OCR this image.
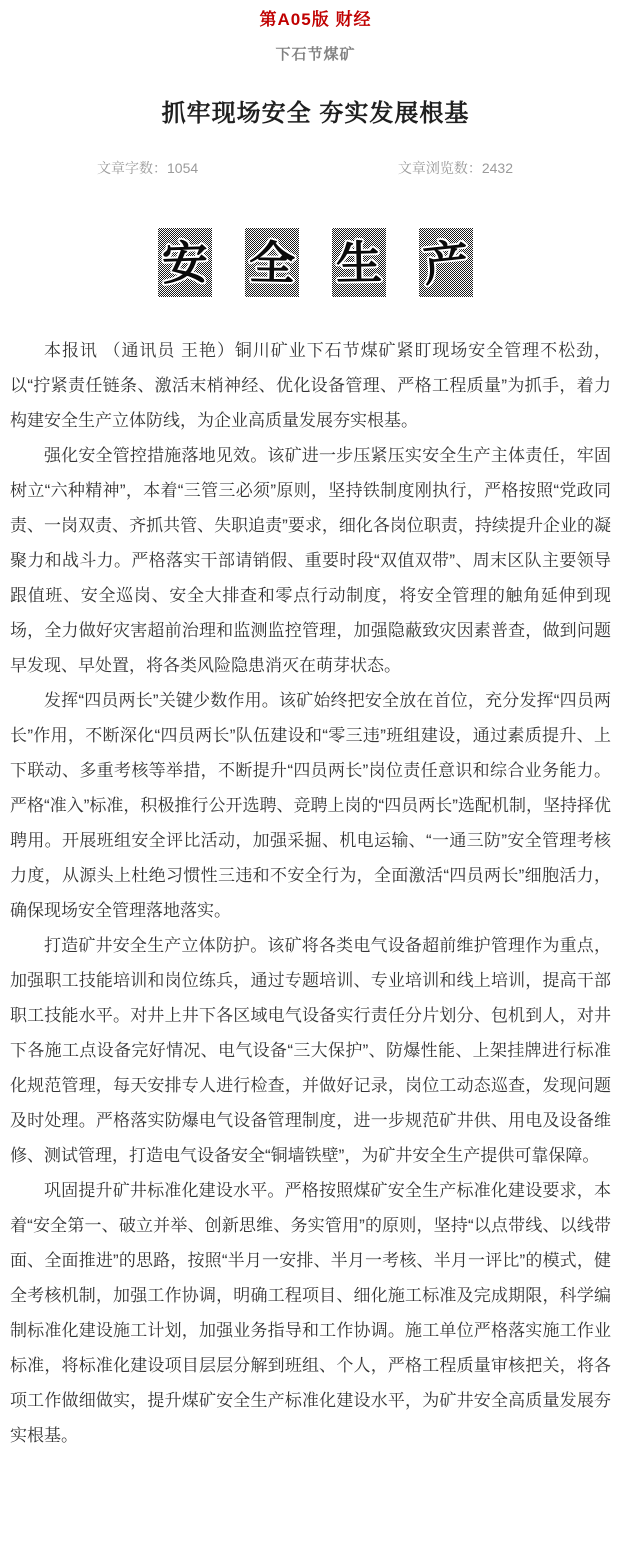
第A05版 财经
下石节煤矿
抓牢现场安全 夯实发展根基
文章字数：1054	文章浏览数：2432
安 全 生 产

本报讯 （通讯员 王艳）铜川矿业下石节煤矿紧盯现场安全管理不松劲，以“拧紧责任链条、激活末梢神经、优化设备管理、严格工程质量”为抓手，着力构建安全生产立体防线，为企业高质量发展夯实根基。

强化安全管控措施落地见效。该矿进一步压紧压实安全生产主体责任，牢固树立“六种精神”，本着“三管三必须”原则，坚持铁制度刚执行，严格按照“党政同责、一岗双责、齐抓共管、失职追责”要求，细化各岗位职责，持续提升企业的凝聚力和战斗力。严格落实干部请销假、重要时段“双值双带”、周末区队主要领导跟值班、安全巡岗、安全大排查和零点行动制度，将安全管理的触角延伸到现场，全力做好灾害超前治理和监测监控管理，加强隐蔽致灾因素普查，做到问题早发现、早处置，将各类风险隐患消灭在萌芽状态。

发挥“四员两长”关键少数作用。该矿始终把安全放在首位，充分发挥“四员两长”作用，不断深化“四员两长”队伍建设和“零三违”班组建设，通过素质提升、上下联动、多重考核等举措，不断提升“四员两长”岗位责任意识和综合业务能力。严格“准入”标准，积极推行公开选聘、竞聘上岗的“四员两长”选配机制，坚持择优聘用。开展班组安全评比活动，加强采掘、机电运输、“一通三防”安全管理考核力度，从源头上杜绝习惯性三违和不安全行为，全面激活“四员两长”细胞活力，确保现场安全管理落地落实。

打造矿井安全生产立体防护。该矿将各类电气设备超前维护管理作为重点，加强职工技能培训和岗位练兵，通过专题培训、专业培训和线上培训，提高干部职工技能水平。对井上井下各区域电气设备实行责任分片划分、包机到人，对井下各施工点设备完好情况、电气设备“三大保护”、防爆性能、上架挂牌进行标准化规范管理，每天安排专人进行检查，并做好记录，岗位工动态巡查，发现问题及时处理。严格落实防爆电气设备管理制度，进一步规范矿井供、用电及设备维修、测试管理，打造电气设备安全“铜墙铁壁”，为矿井安全生产提供可靠保障。

巩固提升矿井标准化建设水平。严格按照煤矿安全生产标准化建设要求，本着“安全第一、破立并举、创新思维、务实管用”的原则，坚持“以点带线、以线带面、全面推进”的思路，按照“半月一安排、半月一考核、半月一评比”的模式，健全考核机制，加强工作协调，明确工程项目、细化施工标准及完成期限，科学编制标准化建设施工计划，加强业务指导和工作协调。施工单位严格落实施工作业标准，将标准化建设项目层层分解到班组、个人，严格工程质量审核把关，将各项工作做细做实，提升煤矿安全生产标准化建设水平，为矿井安全高质量发展夯实根基。
